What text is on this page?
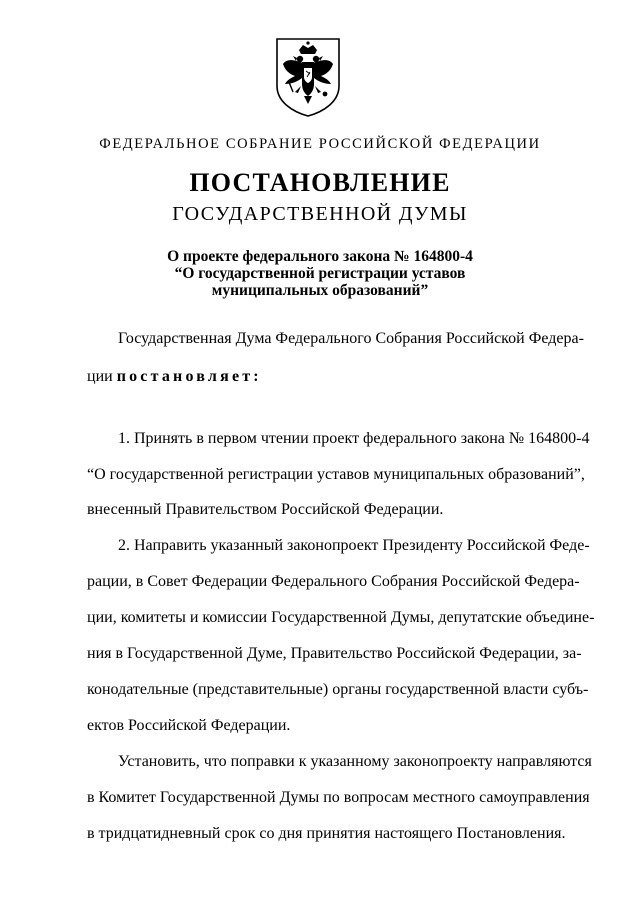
ФЕДЕРАЛЬНОЕ СОБРАНИЕ РОССИЙСКОЙ ФЕДЕРАЦИИ
ПОСТАНОВЛЕНИЕ
ГОСУДАРСТВЕННОЙ ДУМЫ
О проекте федерального закона № 164800-4
“О государственной регистрации уставов
муниципальных образований”
Государственная Дума Федерального Собрания Российской Федера-
ции постановляет:
1. Принять в первом чтении проект федерального закона № 164800-4
“О государственной регистрации уставов муниципальных образований”,
внесенный Правительством Российской Федерации.
2. Направить указанный законопроект Президенту Российской Феде-
рации, в Совет Федерации Федерального Собрания Российской Федера-
ции, комитеты и комиссии Государственной Думы, депутатские объедине-
ния в Государственной Думе, Правительство Российской Федерации, за-
конодательные (представительные) органы государственной власти субъ-
ектов Российской Федерации.
Установить, что поправки к указанному законопроекту направляются
в Комитет Государственной Думы по вопросам местного самоуправления
в тридцатидневный срок со дня принятия настоящего Постановления.
